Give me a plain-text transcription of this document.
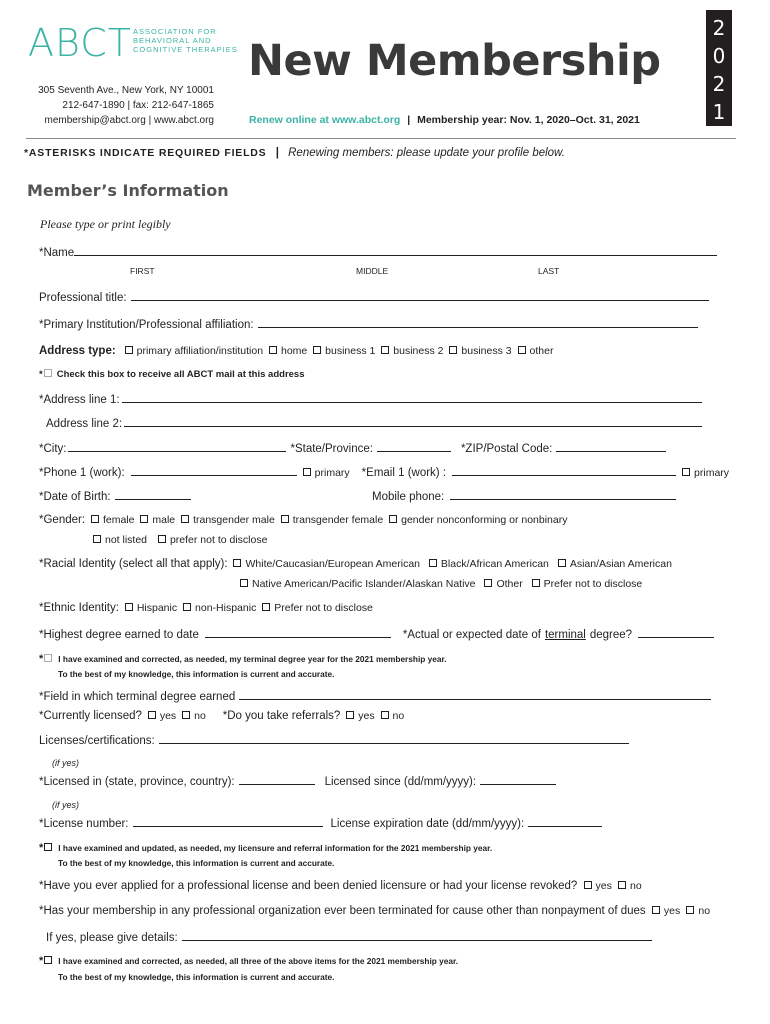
ABCT ASSOCIATION FOR
BEHAVIORAL AND
COGNITIVE THERAPIES
305 Seventh Ave., New York, NY 10001
212-647-1890 | fax: 212-647-1865
membership@abct.org | www.abct.org
New Membership
Renew online at www.abct.org | Membership year: Nov. 1, 2020–Oct. 31, 2021
2
0
2
1
*ASTERISKS INDICATE REQUIRED FIELDS | Renewing members: please update your profile below.
Member’s Information
Please type or print legibly
*Name
FIRST	MIDDLE	LAST
Professional title:
*Primary Institution/Professional affiliation:
Address type: primary affiliation/institution home business 1 business 2 business 3 other
* Check this box to receive all ABCT mail at this address
*Address line 1:
Address line 2:
*City:	*State/Province:	*ZIP/Postal Code:
*Phone 1 (work):	primary *Email 1 (work) :	primary
*Date of Birth:	Mobile phone:
*Gender: female male transgender male transgender female gender nonconforming or nonbinary
not listed prefer not to disclose
*Racial Identity (select all that apply): White/Caucasian/European American Black/African American Asian/Asian American
Native American/Pacific Islander/Alaskan Native Other Prefer not to disclose
*Ethnic Identity: Hispanic non-Hispanic Prefer not to disclose
*Highest degree earned to date	*Actual or expected date of terminal degree?
* I have examined and corrected, as needed, my terminal degree year for the 2021 membership year.
To the best of my knowledge, this information is current and accurate.
*Field in which terminal degree earned
*Currently licensed? yes no *Do you take referrals? yes no
Licenses/certifications:
(if yes)
*Licensed in (state, province, country):	Licensed since (dd/mm/yyyy):
(if yes)
*License number:	License expiration date (dd/mm/yyyy):
* I have examined and updated, as needed, my licensure and referral information for the 2021 membership year.
To the best of my knowledge, this information is current and accurate.
*Have you ever applied for a professional license and been denied licensure or had your license revoked? yes no
*Has your membership in any professional organization ever been terminated for cause other than nonpayment of dues yes no
If yes, please give details:
* I have examined and corrected, as needed, all three of the above items for the 2021 membership year.
To the best of my knowledge, this information is current and accurate.
